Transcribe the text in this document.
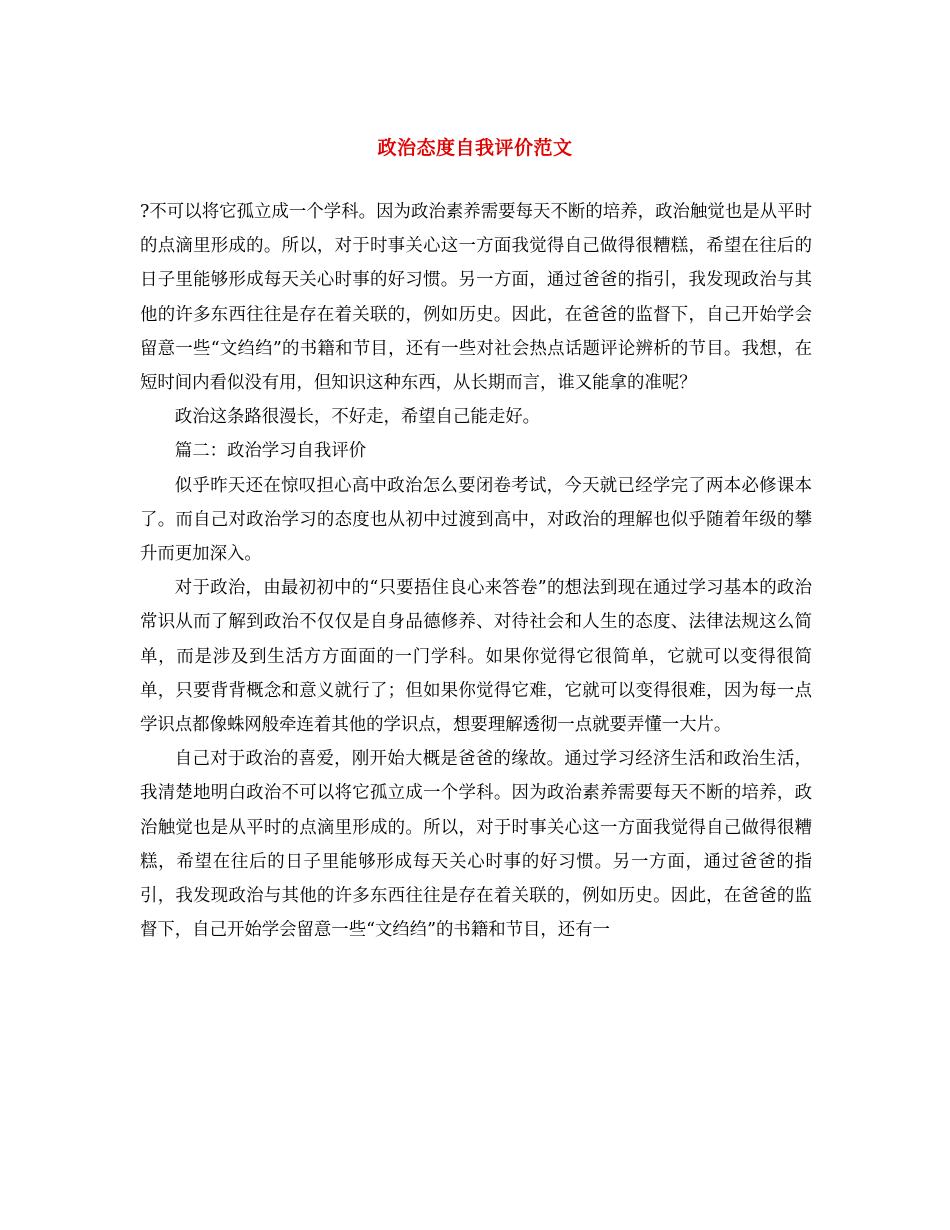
政治态度自我评价范文

?不可以将它孤立成一个学科。因为政治素养需要每天不断的培养，政治触觉也是从平时的点滴里形成的。所以，对于时事关心这一方面我觉得自己做得很糟糕，希望在往后的日子里能够形成每天关心时事的好习惯。另一方面，通过爸爸的指引，我发现政治与其他的许多东西往往是存在着关联的，例如历史。因此，在爸爸的监督下，自己开始学会留意一些“文绉绉”的书籍和节目，还有一些对社会热点话题评论辨析的节目。我想，在短时间内看似没有用，但知识这种东西，从长期而言，谁又能拿的准呢？

政治这条路很漫长，不好走，希望自己能走好。

篇二：政治学习自我评价

似乎昨天还在惊叹担心高中政治怎么要闭卷考试，今天就已经学完了两本必修课本了。而自己对政治学习的态度也从初中过渡到高中，对政治的理解也似乎随着年级的攀升而更加深入。

对于政治，由最初初中的“只要捂住良心来答卷”的想法到现在通过学习基本的政治常识从而了解到政治不仅仅是自身品德修养、对待社会和人生的态度、法律法规这么简单，而是涉及到生活方方面面的一门学科。如果你觉得它很简单，它就可以变得很简单，只要背背概念和意义就行了；但如果你觉得它难，它就可以变得很难，因为每一点学识点都像蛛网般牵连着其他的学识点，想要理解透彻一点就要弄懂一大片。

自己对于政治的喜爱，刚开始大概是爸爸的缘故。通过学习经济生活和政治生活，我清楚地明白政治不可以将它孤立成一个学科。因为政治素养需要每天不断的培养，政治触觉也是从平时的点滴里形成的。所以，对于时事关心这一方面我觉得自己做得很糟糕，希望在往后的日子里能够形成每天关心时事的好习惯。另一方面，通过爸爸的指引，我发现政治与其他的许多东西往往是存在着关联的，例如历史。因此，在爸爸的监督下，自己开始学会留意一些“文绉绉”的书籍和节目，还有一
